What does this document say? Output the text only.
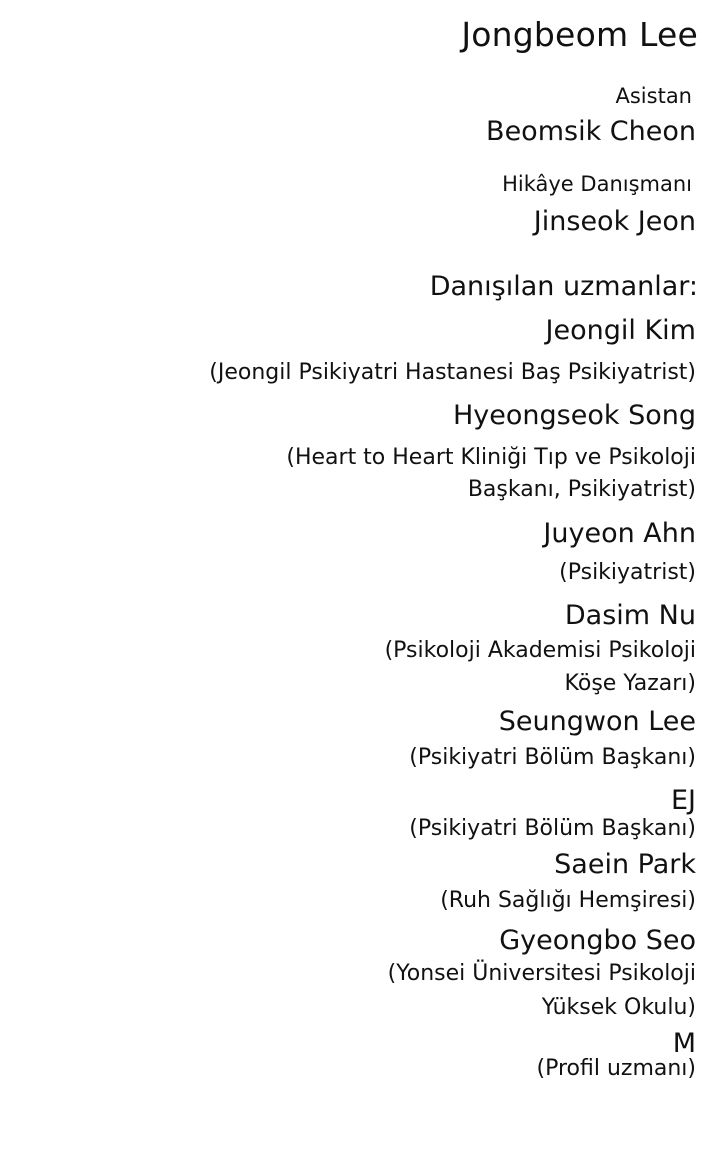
Jongbeom Lee
Asistan
Beomsik Cheon
Hikâye Danışmanı
Jinseok Jeon
Danışılan uzmanlar:
Jeongil Kim
(Jeongil Psikiyatri Hastanesi Baş Psikiyatrist)
Hyeongseok Song
(Heart to Heart Kliniği Tıp ve Psikoloji
Başkanı, Psikiyatrist)
Juyeon Ahn
(Psikiyatrist)
Dasim Nu
(Psikoloji Akademisi Psikoloji
Köşe Yazarı)
Seungwon Lee
(Psikiyatri Bölüm Başkanı)
EJ
(Psikiyatri Bölüm Başkanı)
Saein Park
(Ruh Sağlığı Hemşiresi)
Gyeongbo Seo
(Yonsei Üniversitesi Psikoloji
Yüksek Okulu)
M
(Profil uzmanı)
